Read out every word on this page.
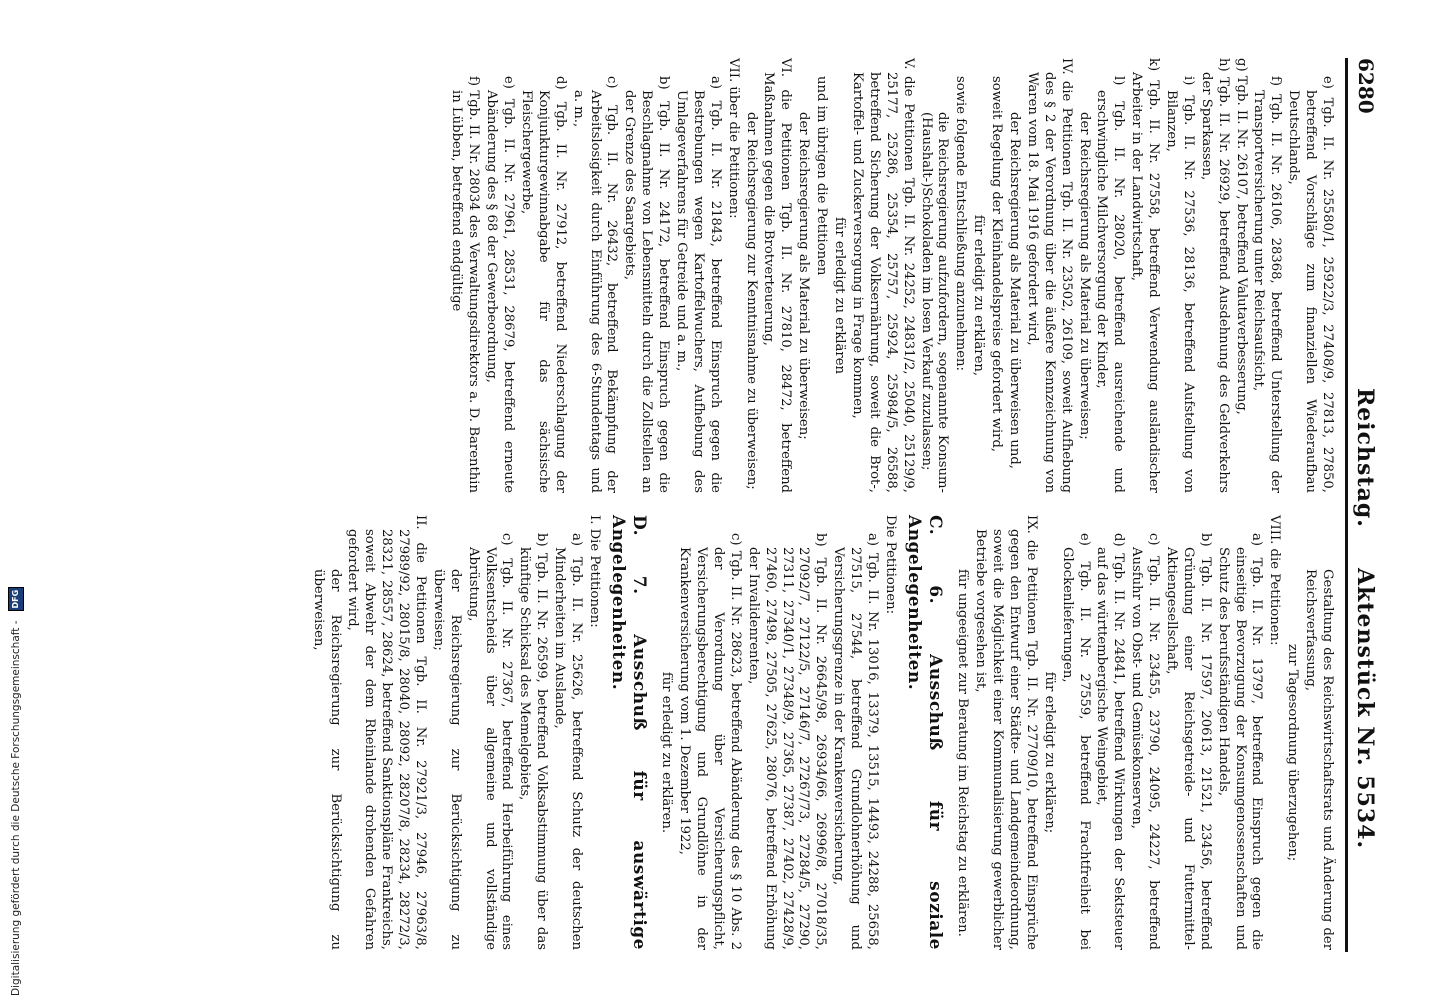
6280
Reichstag.
Aktenstück Nr. 5534.
e) Tgb. II. Nr. 25580/1, 25922/3, 27408/9, 27813, 27850, betreffend Vorschläge zum finanziellen Wiederaufbau Deutschlands,
f) Tgb. II. Nr. 26106, 28368, betreffend Unterstellung der Transportversicherung unter Reichsaufsicht,
g) Tgb. II. Nr. 26107, betreffend Valutaverbesserung,
h) Tgb. II. Nr. 26929, betreffend Ausdehnung des Geldverkehrs der Sparkassen,
i) Tgb. II. Nr. 27536, 28136, betreffend Aufstellung von Bilanzen,
k) Tgb. II. Nr. 27558, betreffend Verwendung ausländischer Arbeiter in der Landwirtschaft,
l) Tgb. II. Nr. 28020, betreffend ausreichende und erschwingliche Milchversorgung der Kinder,
der Reichsregierung als Material zu überweisen;
IV. die Petitionen Tgb. II. Nr. 23502, 26109, soweit Aufhebung des § 2 der Verordnung über die äußere Kennzeichnung von Waren vom 18. Mai 1916 gefordert wird,
der Reichsregierung als Material zu überweisen und,
soweit Regelung der Kleinhandelspreise gefordert wird,
für erledigt zu erklären,
sowie folgende Entschließung anzunehmen:
die Reichsregierung aufzufordern, sogenannte Konsum-(Haushalt-)Schokoladen im losen Verkauf zuzulassen;
V. die Petitionen Tgb. II. Nr. 24252, 24831/2, 25040, 25129/9, 25177, 25286, 25354, 25757, 25924, 25984/5, 26588, betreffend Sicherung der Volksernährung, soweit die Brot-, Kartoffel- und Zuckerversorgung in Frage kommen,
für erledigt zu erklären
und im übrigen die Petitionen
der Reichsregierung als Material zu überweisen;
VI. die Petitionen Tgb. II. Nr. 27810, 28472, betreffend Maßnahmen gegen die Brotverteuerung,
der Reichsregierung zur Kenntnisnahme zu überweisen;
VII. über die Petitionen:
a) Tgb. II. Nr. 21843, betreffend Einspruch gegen die Bestrebungen wegen Kartoffelwuchers, Aufhebung des Umlageverfahrens für Getreide und a. m.,
b) Tgb. II. Nr. 24172, betreffend Einspruch gegen die Beschlagnahme von Lebensmitteln durch die Zollstellen an der Grenze des Saargebiets,
c) Tgb. II. Nr. 26432, betreffend Bekämpfung der Arbeitslosigkeit durch Einführung des 6-Stundentags und a. m.,
d) Tgb. II. Nr. 27912, betreffend Niederschlagung der Konjunkturgewinnabgabe für das sächsische Fleischergewerbe,
e) Tgb. II. Nr. 27961, 28531, 28679, betreffend erneute Abänderung des § 68 der Gewerbeordnung,
f) Tgb. II. Nr. 28034 des Verwaltungsdirektors a. D. Barenthin in Lübben, betreffend endgültige
Gestaltung des Reichswirtschaftsrats und Änderung der Reichsverfassung,
zur Tagesordnung überzugehen;
VIII. die Petitionen:
a) Tgb. II. Nr. 13797, betreffend Einspruch gegen die einseitige Bevorzugung der Konsumgenossenschaften und Schutz des berufsständigen Handels,
b) Tgb. II. Nr. 17597, 20613, 21521, 23456, betreffend Gründung einer Reichsgetreide- und Futtermittel-Aktiengesellschaft,
c) Tgb. II. Nr. 23455, 23790, 24095, 24227, betreffend Ausfuhr von Obst- und Gemüsekonserven,
d) Tgb. II. Nr. 24841, betreffend Wirkungen der Sektsteuer auf das württembergische Weingebiet,
e) Tgb. II. Nr. 27559, betreffend Frachtfreiheit bei Glockenlieferungen,
für erledigt zu erklären;
IX. die Petitionen Tgb. II. Nr. 27709/10, betreffend Einsprüche gegen den Entwurf einer Städte- und Landgemeindeordnung, soweit die Möglichkeit einer Kommunalisierung gewerblicher Betriebe vorgesehen ist,
für ungeeignet zur Beratung im Reichstag zu erklären.
C. 6. Ausschuß für soziale Angelegenheiten.
Die Petitionen:
a) Tgb. II. Nr. 13016, 13379, 13515, 14493, 24288, 25658, 27515, 27544, betreffend Grundlohnerhöhung und Versicherungsgrenze in der Krankenversicherung,
b) Tgb. II. Nr. 26645/98, 26934/66, 26996/8, 27018/35, 27092/7, 27122/5, 27146/7, 27267/73, 27284/5, 27290, 27311, 27340/1, 27348/9, 27365, 27387, 27402, 27428/9, 27460, 27498, 27505, 27625, 28076, betreffend Erhöhung der Invalidenrenten,
c) Tgb. II. Nr. 28623, betreffend Abänderung des § 10 Abs. 2 der Verordnung über Versicherungspflicht, Versicherungsberechtigung und Grundlöhne in der Krankenversicherung vom 1. Dezember 1922,
für erledigt zu erklären.
D. 7. Ausschuß für auswärtige Angelegenheiten.
I. Die Petitionen:
a) Tgb. II. Nr. 25626, betreffend Schutz der deutschen Minderheiten im Auslande,
b) Tgb. II. Nr. 26599, betreffend Volksabstimmung über das künftige Schicksal des Memelgebiets,
c) Tgb. II. Nr. 27367, betreffend Herbeiführung eines Volksentscheids über allgemeine und vollständige Abrüstung,
der Reichsregierung zur Berücksichtigung zu überweisen;
II. die Petitionen Tgb. II. Nr. 27921/3, 27946, 27963/8, 27989/92, 28015/8, 28040, 28092, 28207/8, 28234, 28272/3, 28321, 28557, 28624, betreffend Sanktionspläne Frankreichs, soweit Abwehr der dem Rheinlande drohenden Gefahren gefordert wird,
der Reichsregierung zur Berücksichtigung zu überweisen,
Digitalisierung gefördert durch die Deutsche Forschungsgemeinschaft - DFG
